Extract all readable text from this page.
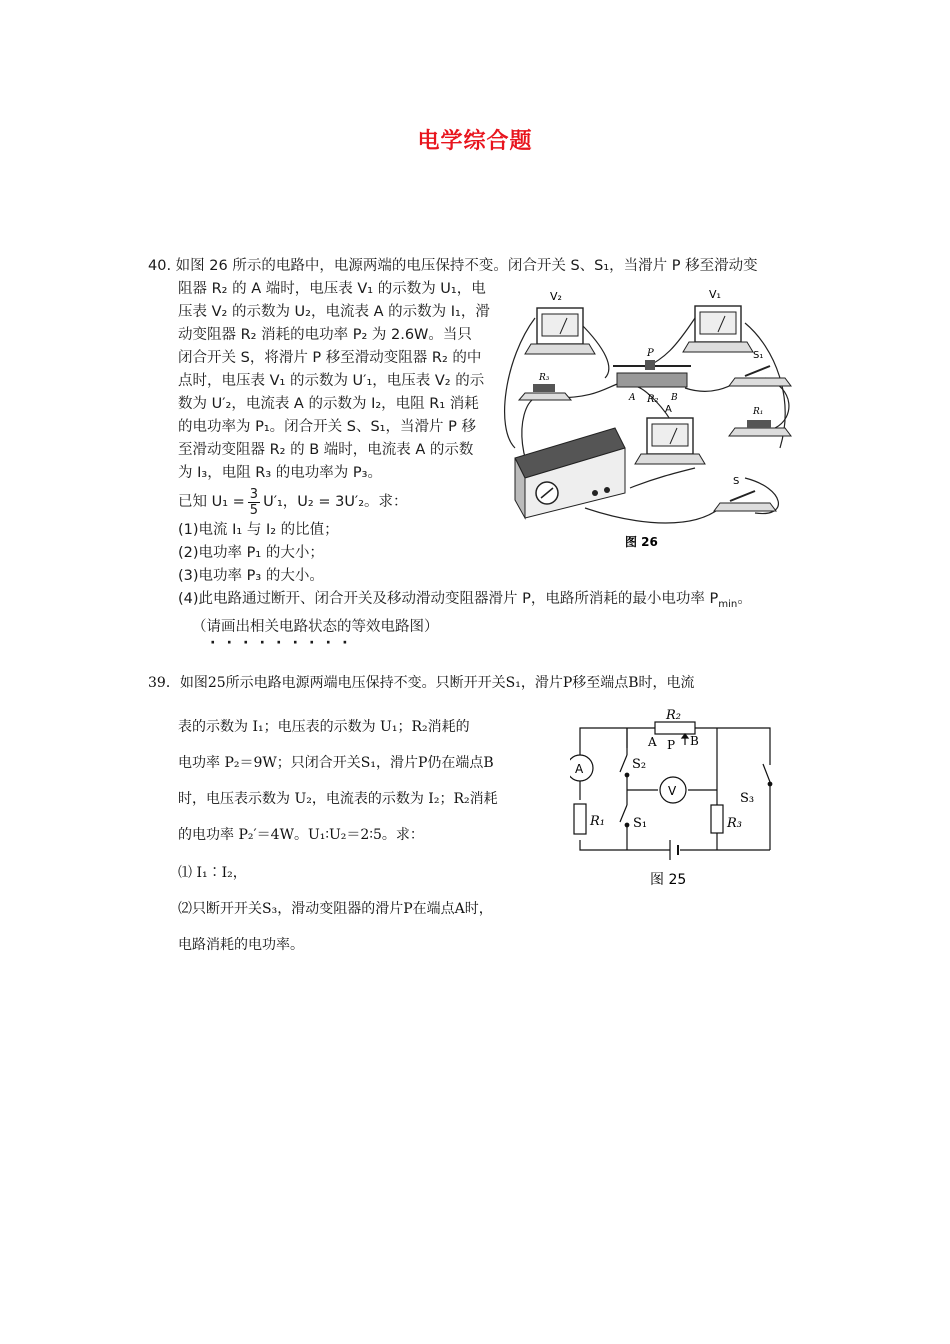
电学综合题
40. 如图 26 所示的电路中，电源两端的电压保持不变。闭合开关 S、S₁，当滑片 P 移至滑动变
阻器 R₂ 的 A 端时，电压表 V₁ 的示数为 U₁，电
压表 V₂ 的示数为 U₂，电流表 A 的示数为 I₁，滑
动变阻器 R₂ 消耗的电功率 P₂ 为 2.6W。当只
闭合开关 S，将滑片 P 移至滑动变阻器 R₂ 的中
点时，电压表 V₁ 的示数为 U′₁，电压表 V₂ 的示
数为 U′₂，电流表 A 的示数为 I₂，电阻 R₁ 消耗
的电功率为 P₁。闭合开关 S、S₁，当滑片 P 移
至滑动变阻器 R₂ 的 B 端时，电流表 A 的示数
为 I₃，电阻 R₃ 的电功率为 P₃。
已知 $U_1 = \frac{3}{5} U'_1$，U₂ = 3U′₂。求：
(1)电流 I₁ 与 I₂ 的比值；
(2)电功率 P₁ 的大小；
(3)电功率 P₃ 的大小。
(4)此电路通过断开、闭合开关及移动滑动变阻器滑片 P，电路所消耗的最小电功率 $P_{min}$。
（请画出相关电路状态的等效电路图）
·········
V₂	V₁
P
A R₂ B
R₃
S₁
R₁
A
S
图 26
39．如图25所示电路电源两端电压保持不变。只断开开关S₁，滑片P移至端点B时，电流
表的示数为 I₁；电压表的示数为 U₁；R₂消耗的
电功率 P₂＝9W；只闭合开关S₁，滑片P仍在端点B
时，电压表示数为 U₂，电流表的示数为 I₂；R₂消耗
的电功率 P₂′＝4W。U₁∶U₂＝2∶5。求：
⑴ I₁∶I₂，
⑵只断开开关S₃，滑动变阻器的滑片P在端点A时，
电路消耗的电功率。
R₂
A P B
A
V
S₂
S₃
R₁ S₁	R₃
图 25
